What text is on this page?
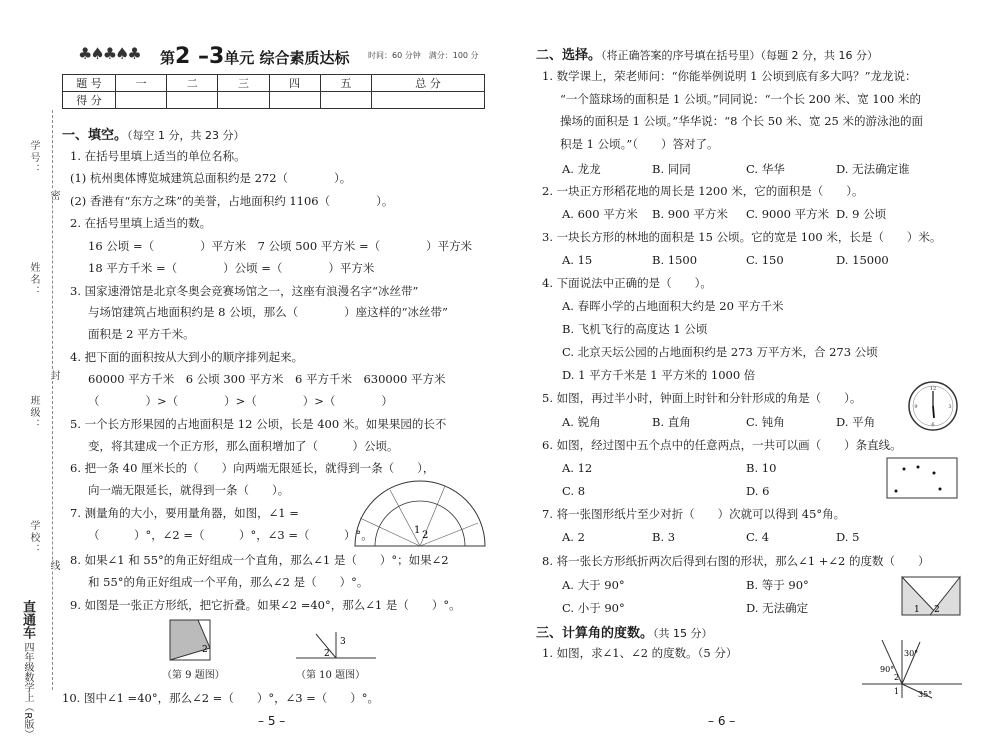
学号：
姓名：
班级：
学校：
密
封
线
直通车 四年级数学上（R版）
♣♠♣♠♣ 第2 –3单元 综合素质达标 时间：60 分钟　 满分：100 分
题 号	一	二	三	四	五	总 分
得 分						
一、填空。（每空 1 分，共 23 分）
1. 在括号里填上适当的单位名称。
(1) 杭州奥体博览城建筑总面积约是 272（　　　　）。
(2) 香港有“东方之珠”的美誉，占地面积约 1106（　　　　）。
2. 在括号里填上适当的数。
16 公顷 =（　　　　）平方米　7 公顷 500 平方米 =（　　　　）平方米
18 平方千米 =（　　　　）公顷 =（　　　　）平方米
3. 国家速滑馆是北京冬奥会竞赛场馆之一，这座有浪漫名字“冰丝带”
与场馆建筑占地面积约是 8 公顷，那么（　　　　）座这样的“冰丝带”
面积是 2 平方千米。
4. 把下面的面积按从大到小的顺序排列起来。
60000 平方千米　6 公顷 300 平方米　6 平方千米　630000 平方米
（　　　　）>（　　　　）>（　　　　）>（　　　　）
5. 一个长方形果园的占地面积是 12 公顷，长是 400 米。如果果园的长不
变，将其建成一个正方形，那么面积增加了（　　　）公顷。
6. 把一条 40 厘米长的（　　）向两端无限延长，就得到一条（　　），
向一端无限延长，就得到一条（　　）。
7. 测量角的大小，要用量角器，如图，∠1 =
（　　　）°，∠2 =（　　　）°，∠3 =（　　　）°。
8. 如果∠1 和 55°的角正好组成一个直角，那么∠1 是（　　）°；如果∠2
和 55°的角正好组成一个平角，那么∠2 是（　　）°。
9. 如图是一张正方形纸，把它折叠。如果∠2 =40°，那么∠1 是（　　）°。
1 2
2
（第 9 题图）
3
2
（第 10 题图）
10. 图中∠1 =40°，那么∠2 =（　　）°，∠3 =（　　）°。
– 5 –
二、选择。（将正确答案的序号填在括号里）（每题 2 分，共 16 分）
1. 数学课上，荣老师问：“你能举例说明 1 公顷到底有多大吗？”龙龙说：
“一个篮球场的面积是 1 公顷。”同同说：“一个长 200 米、宽 100 米的
操场的面积是 1 公顷。”华华说：“8 个长 50 米、宽 25 米的游泳池的面
积是 1 公顷。”（　　）答对了。
A. 龙龙	B. 同同	C. 华华	D. 无法确定谁
2. 一块正方形稻花地的周长是 1200 米，它的面积是（　　）。
A. 600 平方米 B. 900 平方米 C. 9000 平方米 D. 9 公顷
3. 一块长方形的林地的面积是 15 公顷。它的宽是 100 米，长是（　　）米。
A. 15	B. 1500	C. 150	D. 15000
4. 下面说法中正确的是（　　）。
A. 春晖小学的占地面积大约是 20 平方千米
B. 飞机飞行的高度达 1 公顷
C. 北京天坛公园的占地面积约是 273 万平方米，合 273 公顷
D. 1 平方千米是 1 平方米的 1000 倍
5. 如图，再过半小时，钟面上时针和分针形成的角是（　　）。
A. 锐角	B. 直角	C. 钝角	D. 平角
12
6
3
9
6. 如图，经过图中五个点中的任意两点，一共可以画（　　）条直线。
A. 12	B. 10
C. 8	D. 6
7. 将一张图形纸片至少对折（　　）次就可以得到 45°角。
A. 2	B. 3	C. 4	D. 5
8. 将一张长方形纸折两次后得到右图的形状，那么∠1 +∠2 的度数（　　）
A. 大于 90°	B. 等于 90°
C. 小于 90°	D. 无法确定	1 2
三、计算角的度数。（共 15 分）
1. 如图，求∠1、∠2 的度数。（5 分）	30°
90°
35°
2
1
– 6 –
